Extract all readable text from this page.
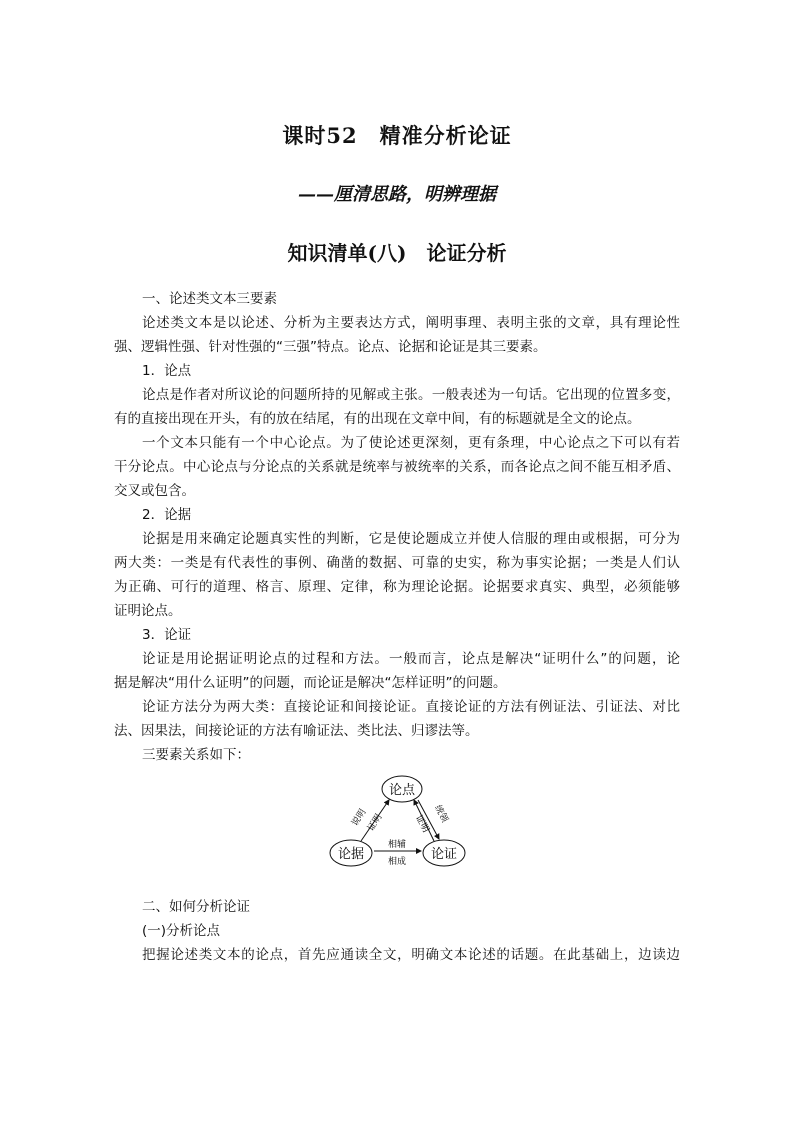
课时52　精准分析论证
——厘清思路，明辨理据
知识清单(八)　论证分析
一、论述类文本三要素
论述类文本是以论述、分析为主要表达方式，阐明事理、表明主张的文章，具有理论性
强、逻辑性强、针对性强的“三强”特点。论点、论据和论证是其三要素。
1．论点
论点是作者对所议论的问题所持的见解或主张。一般表述为一句话。它出现的位置多变，
有的直接出现在开头，有的放在结尾，有的出现在文章中间，有的标题就是全文的论点。
一个文本只能有一个中心论点。为了使论述更深刻，更有条理，中心论点之下可以有若
干分论点。中心论点与分论点的关系就是统率与被统率的关系，而各论点之间不能互相矛盾、
交叉或包含。
2．论据
论据是用来确定论题真实性的判断，它是使论题成立并使人信服的理由或根据，可分为
两大类：一类是有代表性的事例、确凿的数据、可靠的史实，称为事实论据；一类是人们认
为正确、可行的道理、格言、原理、定律，称为理论论据。论据要求真实、典型，必须能够
证明论点。
3．论证
论证是用论据证明论点的过程和方法。一般而言，论点是解决“证明什么”的问题，论
据是解决“用什么证明”的问题，而论证是解决“怎样证明”的问题。
论证方法分为两大类：直接论证和间接论证。直接论证的方法有例证法、引证法、对比
法、因果法，间接论证的方法有喻证法、类比法、归谬法等。
三要素关系如下：
论点
论据	论证
说明
证明	证明 统领
相辅
相成
二、如何分析论证
(一)分析论点
把握论述类文本的论点，首先应通读全文，明确文本论述的话题。在此基础上，边读边
